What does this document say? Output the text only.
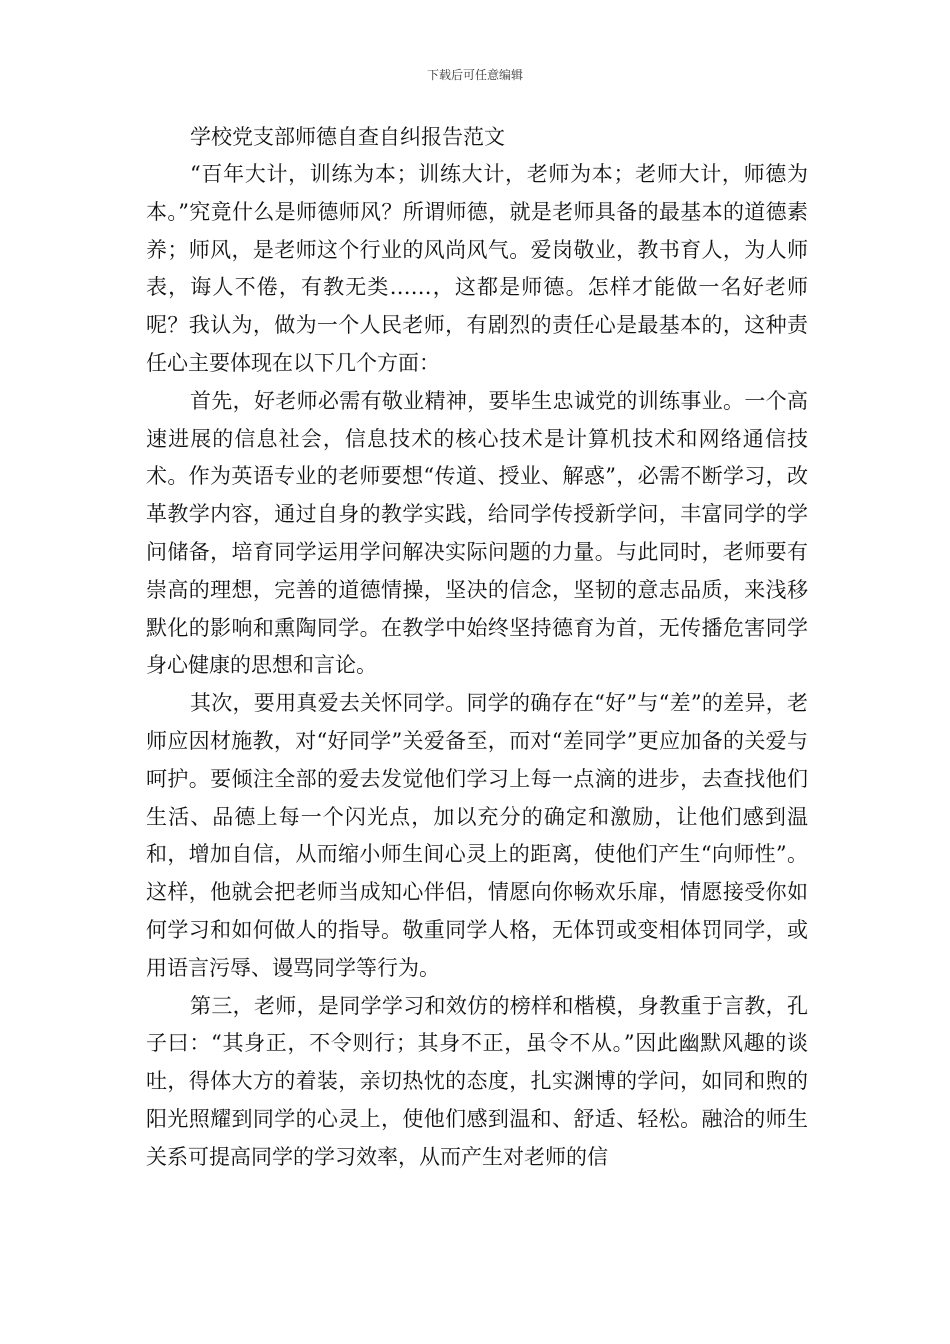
下载后可任意编辑
学校党支部师德自查自纠报告范文

“百年大计，训练为本；训练大计，老师为本；老师大计，师德为本。”究竟什么是师德师风？所谓师德，就是老师具备的最基本的道德素养；师风，是老师这个行业的风尚风气。爱岗敬业，教书育人，为人师表，诲人不倦，有教无类……，这都是师德。怎样才能做一名好老师呢？我认为，做为一个人民老师，有剧烈的责任心是最基本的，这种责任心主要体现在以下几个方面：

首先，好老师必需有敬业精神，要毕生忠诚党的训练事业。一个高速进展的信息社会，信息技术的核心技术是计算机技术和网络通信技术。作为英语专业的老师要想“传道、授业、解惑”，必需不断学习，改革教学内容，通过自身的教学实践，给同学传授新学问，丰富同学的学问储备，培育同学运用学问解决实际问题的力量。与此同时，老师要有崇高的理想，完善的道德情操，坚决的信念，坚韧的意志品质，来浅移默化的影响和熏陶同学。在教学中始终坚持德育为首，无传播危害同学身心健康的思想和言论。

其次，要用真爱去关怀同学。同学的确存在“好”与“差”的差异，老师应因材施教，对“好同学”关爱备至，而对“差同学”更应加备的关爱与呵护。要倾注全部的爱去发觉他们学习上每一点滴的进步，去查找他们生活、品德上每一个闪光点，加以充分的确定和激励，让他们感到温和，增加自信，从而缩小师生间心灵上的距离，使他们产生“向师性”。这样，他就会把老师当成知心伴侣，情愿向你畅欢乐扉，情愿接受你如何学习和如何做人的指导。敬重同学人格，无体罚或变相体罚同学，或用语言污辱、谩骂同学等行为。

第三，老师，是同学学习和效仿的榜样和楷模，身教重于言教，孔子曰：“其身正，不令则行；其身不正，虽令不从。”因此幽默风趣的谈吐，得体大方的着装，亲切热忱的态度，扎实渊博的学问，如同和煦的阳光照耀到同学的心灵上，使他们感到温和、舒适、轻松。融洽的师生关系可提高同学的学习效率，从而产生对老师的信
